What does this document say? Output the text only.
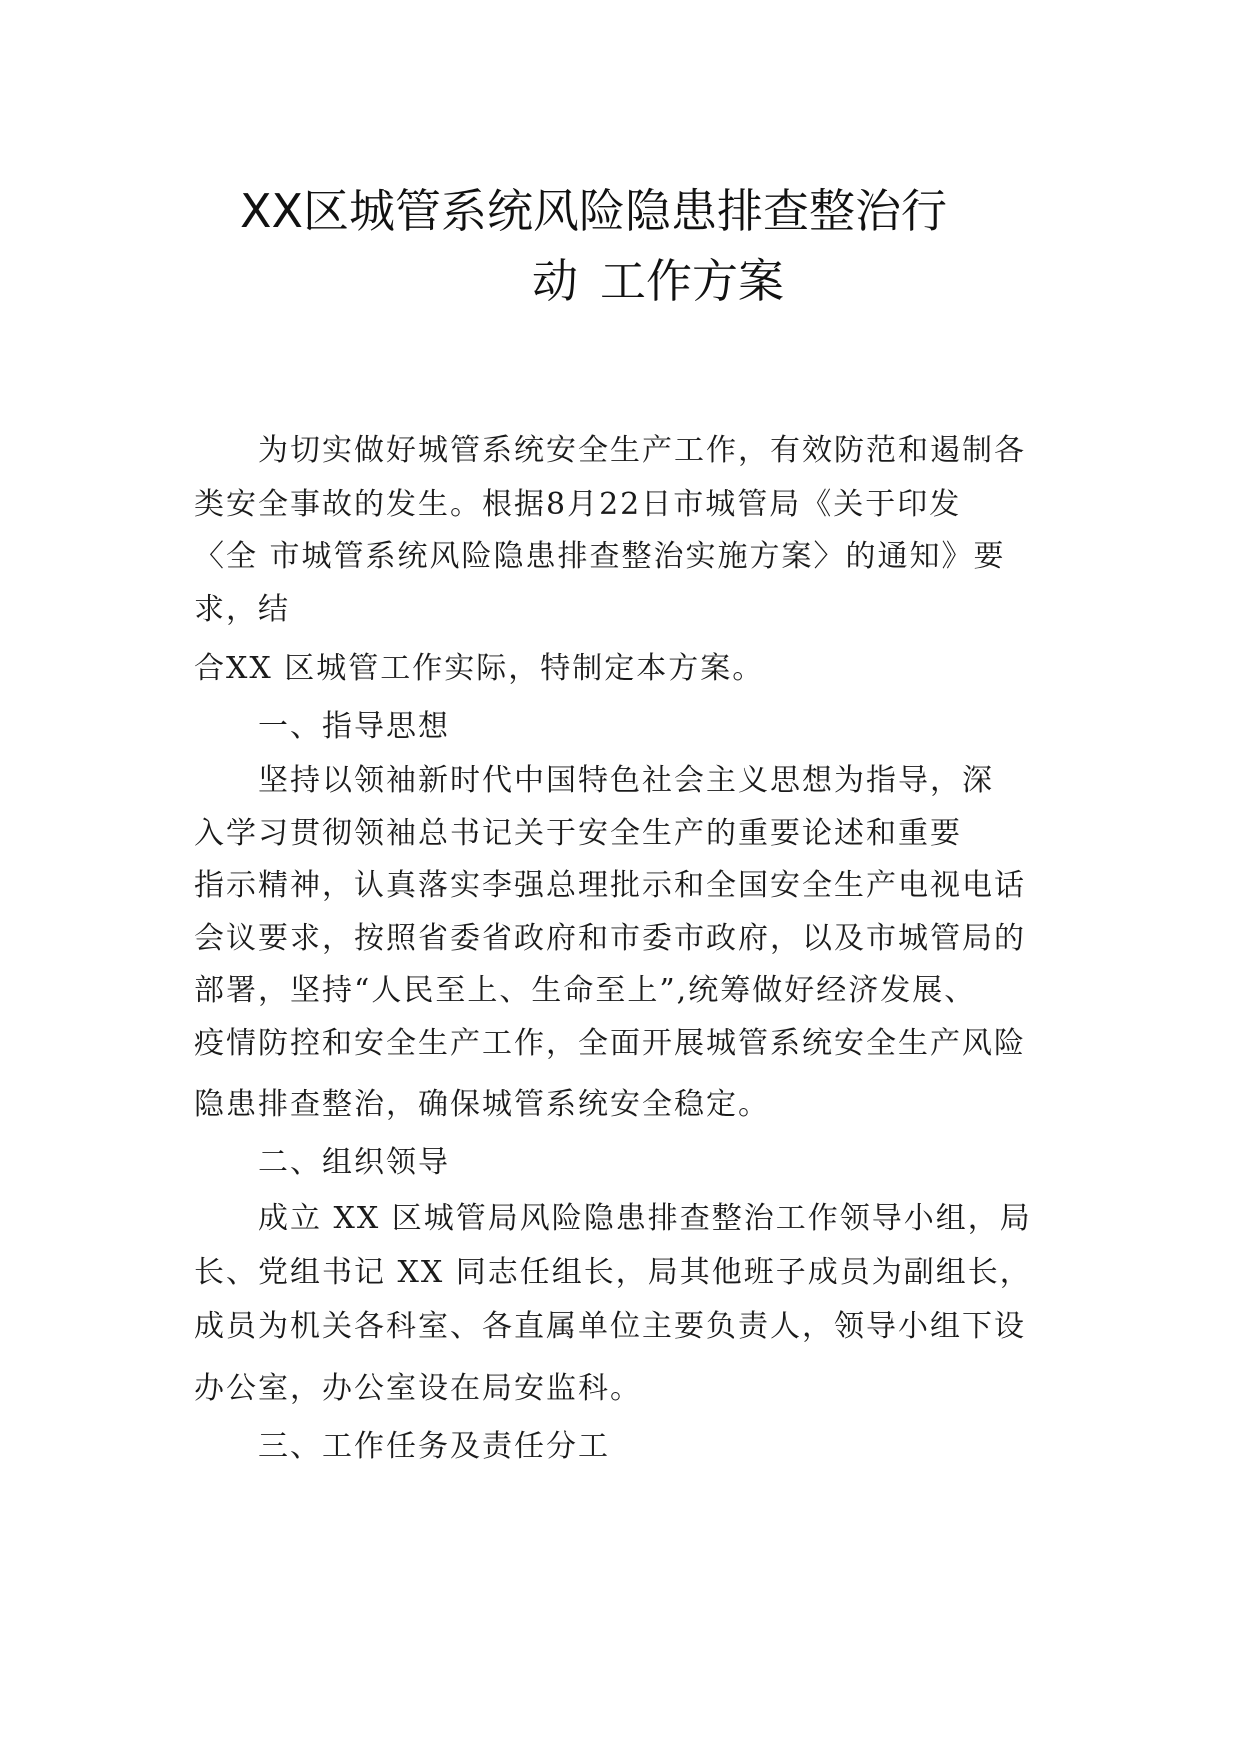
XX区城管系统风险隐患排查整治行
动 工作方案

为切实做好城管系统安全生产工作，有效防范和遏制各

类安全事故的发生。根据8月22日市城管局《关于印发

〈全 市城管系统风险隐患排查整治实施方案〉的通知》要

求，结

合XX 区城管工作实际，特制定本方案。

一、指导思想

坚持以领袖新时代中国特色社会主义思想为指导，深

入学习贯彻领袖总书记关于安全生产的重要论述和重要

指示精神，认真落实李强总理批示和全国安全生产电视电话

会议要求，按照省委省政府和市委市政府，以及市城管局的

部署，坚持“人民至上、生命至上”,统筹做好经济发展、

疫情防控和安全生产工作，全面开展城管系统安全生产风险

隐患排查整治，确保城管系统安全稳定。

二、组织领导

成立 XX 区城管局风险隐患排查整治工作领导小组，局

长、党组书记 XX 同志任组长，局其他班子成员为副组长，

成员为机关各科室、各直属单位主要负责人，领导小组下设

办公室，办公室设在局安监科。

三、工作任务及责任分工
